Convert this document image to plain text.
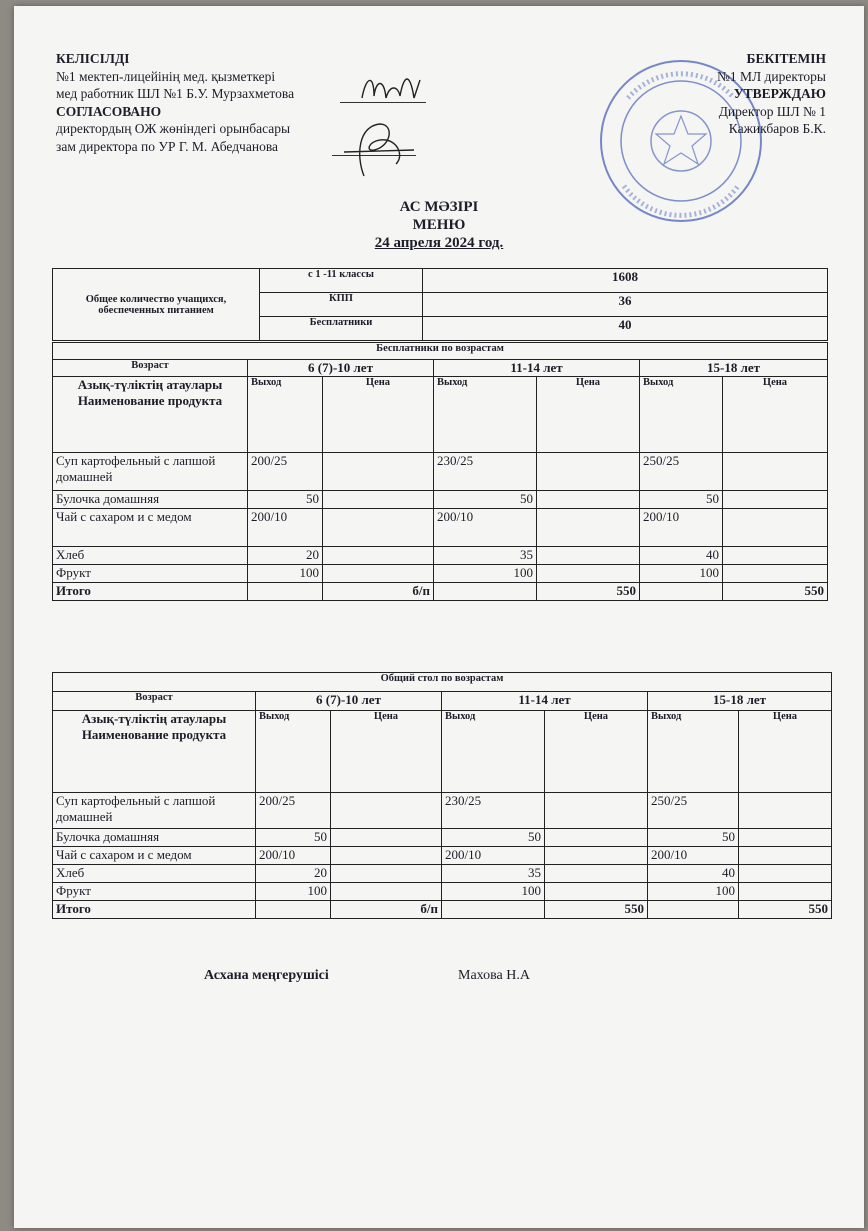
КЕЛІСІЛДІ
№1 мектеп-лицейінің мед. қызметкері
мед работник ШЛ №1 Б.У. Мурзахметова
СОГЛАСОВАНО
директордың ОЖ жөніндегі орынбасары
зам директора по УР Г. М. Абедчанова
БЕКІТЕМІН
№1 МЛ директоры
УТВЕРЖДАЮ
Директор ШЛ № 1
Кажикбаров Б.К.
АС МӘЗІРІ
МЕНЮ
24 апреля 2024 год.
Общее количество учащихся, обеспеченных питанием	с 1 -11 классы	1608
	КПП	36
	Бесплатники	40
Бесплатники по возрастам						
Возраст	6 (7)-10 лет		11-14 лет		15-18 лет	
Азық-түліктің атаулары Наименование продукта	Выход	Цена	Выход	Цена	Выход	Цена
Суп картофельный с лапшой домашней	200/25		230/25		250/25	
Булочка домашняя	50		50		50	
Чай с сахаром и с медом	200/10		200/10		200/10	
Хлеб	20		35		40	
Фрукт	100		100		100	
Итого		б/п		550		550
Общий стол по возрастам						
Возраст	6 (7)-10 лет		11-14 лет		15-18 лет	
Азық-түліктің атаулары Наименование продукта	Выход	Цена	Выход	Цена	Выход	Цена
Суп картофельный с лапшой домашней	200/25		230/25		250/25	
Булочка домашняя	50		50		50	
Чай с сахаром и с медом	200/10		200/10		200/10	
Хлеб	20		35		40	
Фрукт	100		100		100	
Итого		б/п		550		550
Асхана меңгерушісі	Махова Н.А
